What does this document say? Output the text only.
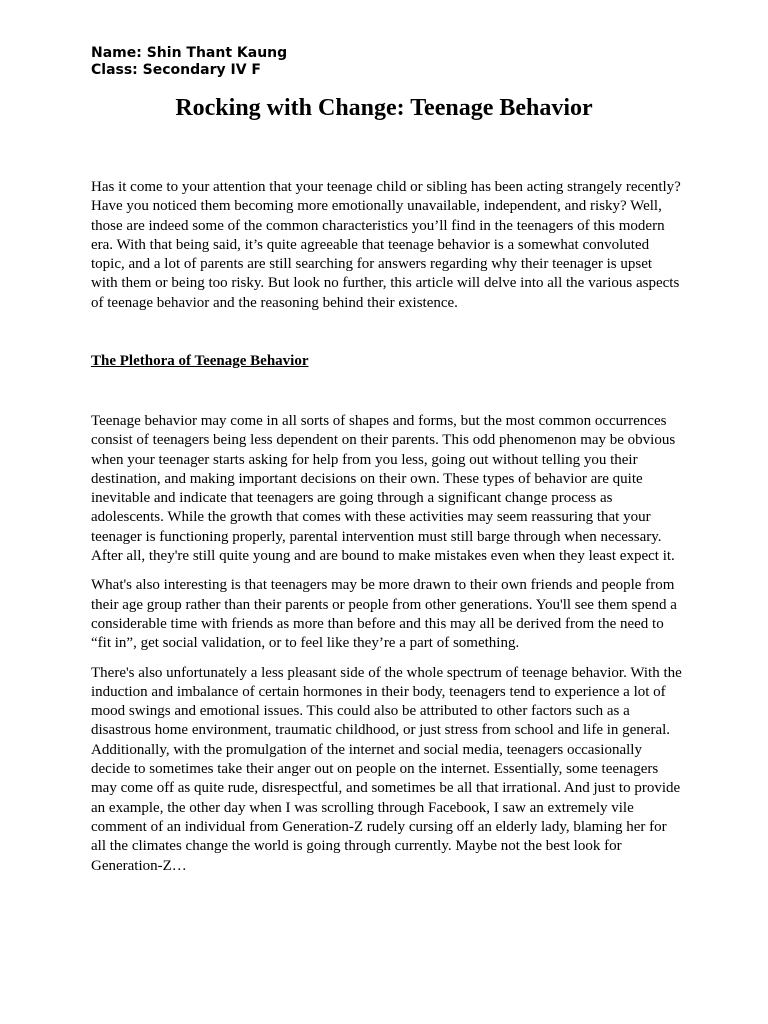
Name: Shin Thant Kaung
Class: Secondary IV F
Rocking with Change: Teenage Behavior

Has it come to your attention that your teenage child or sibling has been acting strangely recently? Have you noticed them becoming more emotionally unavailable, independent, and risky? Well, those are indeed some of the common characteristics you’ll find in the teenagers of this modern era. With that being said, it’s quite agreeable that teenage behavior is a somewhat convoluted topic, and a lot of parents are still searching for answers regarding why their teenager is upset with them or being too risky. But look no further, this article will delve into all the various aspects of teenage behavior and the reasoning behind their existence.

The Plethora of Teenage Behavior

Teenage behavior may come in all sorts of shapes and forms, but the most common occurrences consist of teenagers being less dependent on their parents. This odd phenomenon may be obvious when your teenager starts asking for help from you less, going out without telling you their destination, and making important decisions on their own. These types of behavior are quite inevitable and indicate that teenagers are going through a significant change process as adolescents. While the growth that comes with these activities may seem reassuring that your teenager is functioning properly, parental intervention must still barge through when necessary. After all, they're still quite young and are bound to make mistakes even when they least expect it.

What's also interesting is that teenagers may be more drawn to their own friends and people from their age group rather than their parents or people from other generations. You'll see them spend a considerable time with friends as more than before and this may all be derived from the need to “fit in”, get social validation, or to feel like they’re a part of something.

There's also unfortunately a less pleasant side of the whole spectrum of teenage behavior. With the induction and imbalance of certain hormones in their body, teenagers tend to experience a lot of mood swings and emotional issues. This could also be attributed to other factors such as a disastrous home environment, traumatic childhood, or just stress from school and life in general. Additionally, with the promulgation of the internet and social media, teenagers occasionally decide to sometimes take their anger out on people on the internet. Essentially, some teenagers may come off as quite rude, disrespectful, and sometimes be all that irrational. And just to provide an example, the other day when I was scrolling through Facebook, I saw an extremely vile comment of an individual from Generation-Z rudely cursing off an elderly lady, blaming her for all the climates change the world is going through currently. Maybe not the best look for Generation-Z…
